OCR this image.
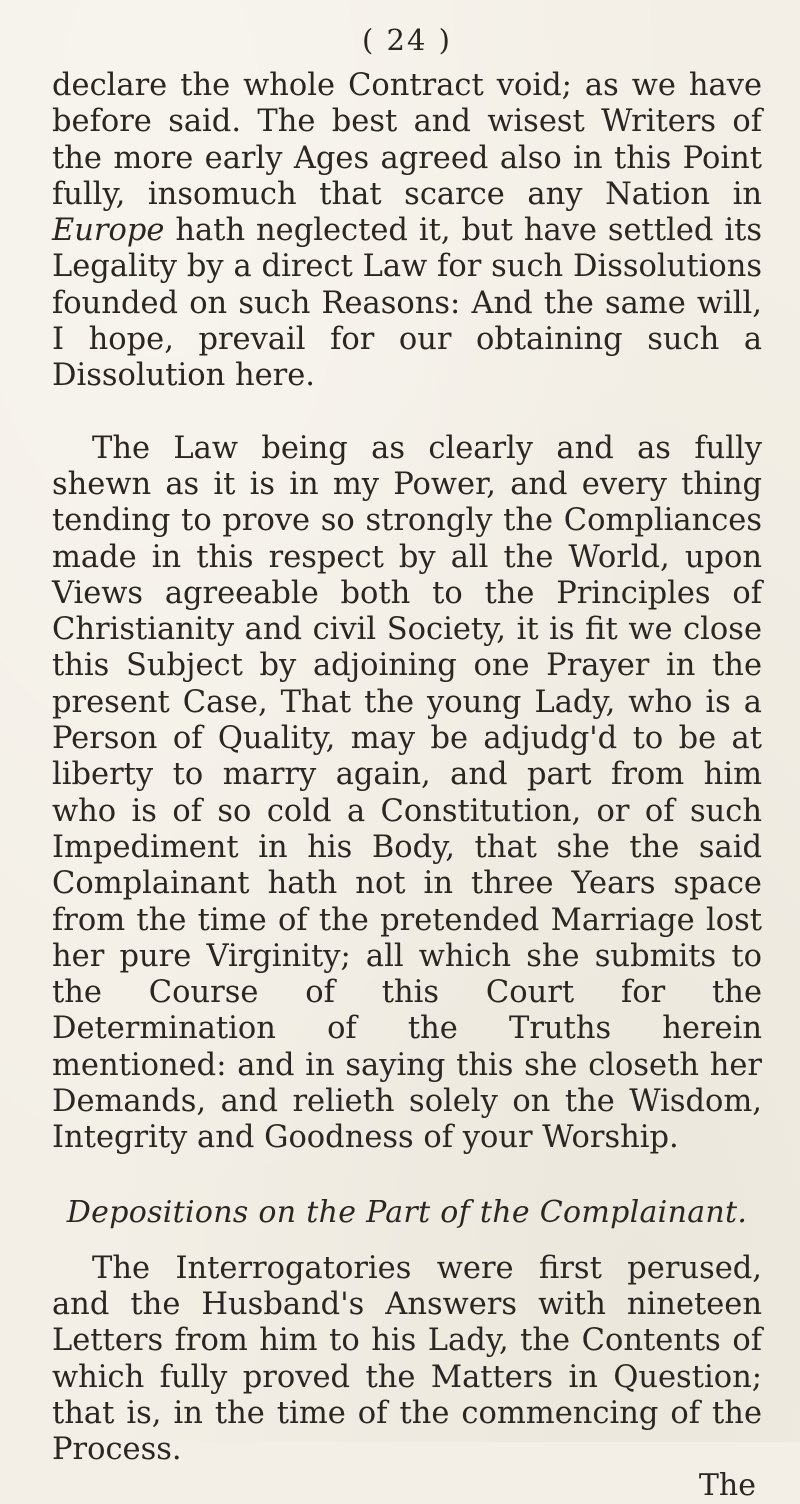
( 24 )

declare the whole Contract void; as we have before said. The best and wisest Writers of the more early Ages agreed also in this Point fully, insomuch that scarce any Nation in Europe hath neglected it, but have settled its Legality by a direct Law for such Dissolutions founded on such Reasons: And the same will, I hope, prevail for our obtaining such a Dissolution here.

The Law being as clearly and as fully shewn as it is in my Power, and every thing tending to prove so strongly the Compliances made in this respect by all the World, upon Views agreeable both to the Principles of Christianity and civil Society, it is fit we close this Subject by adjoining one Prayer in the present Case, That the young Lady, who is a Person of Quality, may be adjudg'd to be at liberty to marry again, and part from him who is of so cold a Constitution, or of such Impediment in his Body, that she the said Complainant hath not in three Years space from the time of the pretended Marriage lost her pure Virginity; all which she submits to the Course of this Court for the Determination of the Truths herein mentioned: and in saying this she closeth her Demands, and relieth solely on the Wisdom, Integrity and Goodness of your Worship.

Depositions on the Part of the Complainant.

The Interrogatories were first perused, and the Husband's Answers with nineteen Letters from him to his Lady, the Contents of which fully proved the Matters in Question; that is, in the time of the commencing of the Process.

The
